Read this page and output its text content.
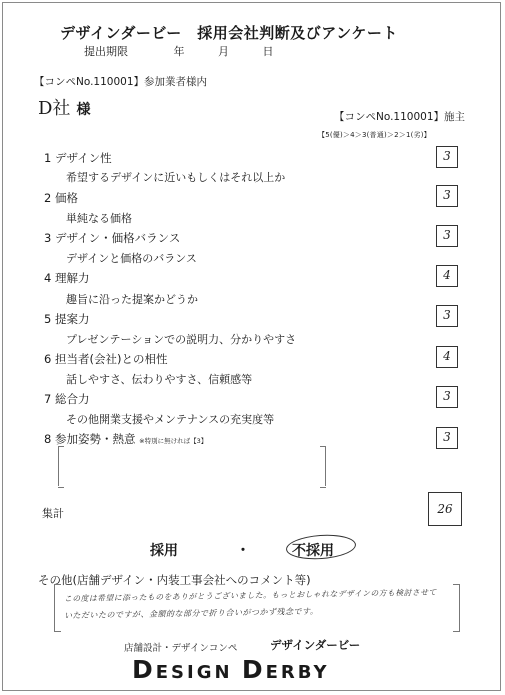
デザインダービー　採用会社判断及びアンケート
提出期限	年	月	日
【コンペNo.110001】参加業者様内
D社 様	【コンペNo.110001】施主
【5(優)＞4＞3(普通)＞2＞1(劣)】
1 デザイン性
希望するデザインに近いもしくはそれ以上か
3
2 価格
単純なる価格
3
3 デザイン・価格バランス
デザインと価格のバランス
3
4 理解力
趣旨に沿った提案かどうか
4
5 提案力
プレゼンテーションでの説明力、分かりやすさ
3
6 担当者(会社)との相性
話しやすさ、伝わりやすさ、信頼感等
4
7 総合力
その他開業支援やメンテナンスの充実度等
3
8 参加姿勢・熱意 ※特別に無ければ【3】	3
集計	26
採用	・	不採用
その他(店舗デザイン・内装工事会社へのコメント等)
この度は希望に添ったものをありがとうございました。もっとおしゃれなデザインの方も検討させて
いただいたのですが、金額的な部分で折り合いがつかず残念です。
店舗設計・デザインコンペ	デザインダービー
DESIGN DERBY
